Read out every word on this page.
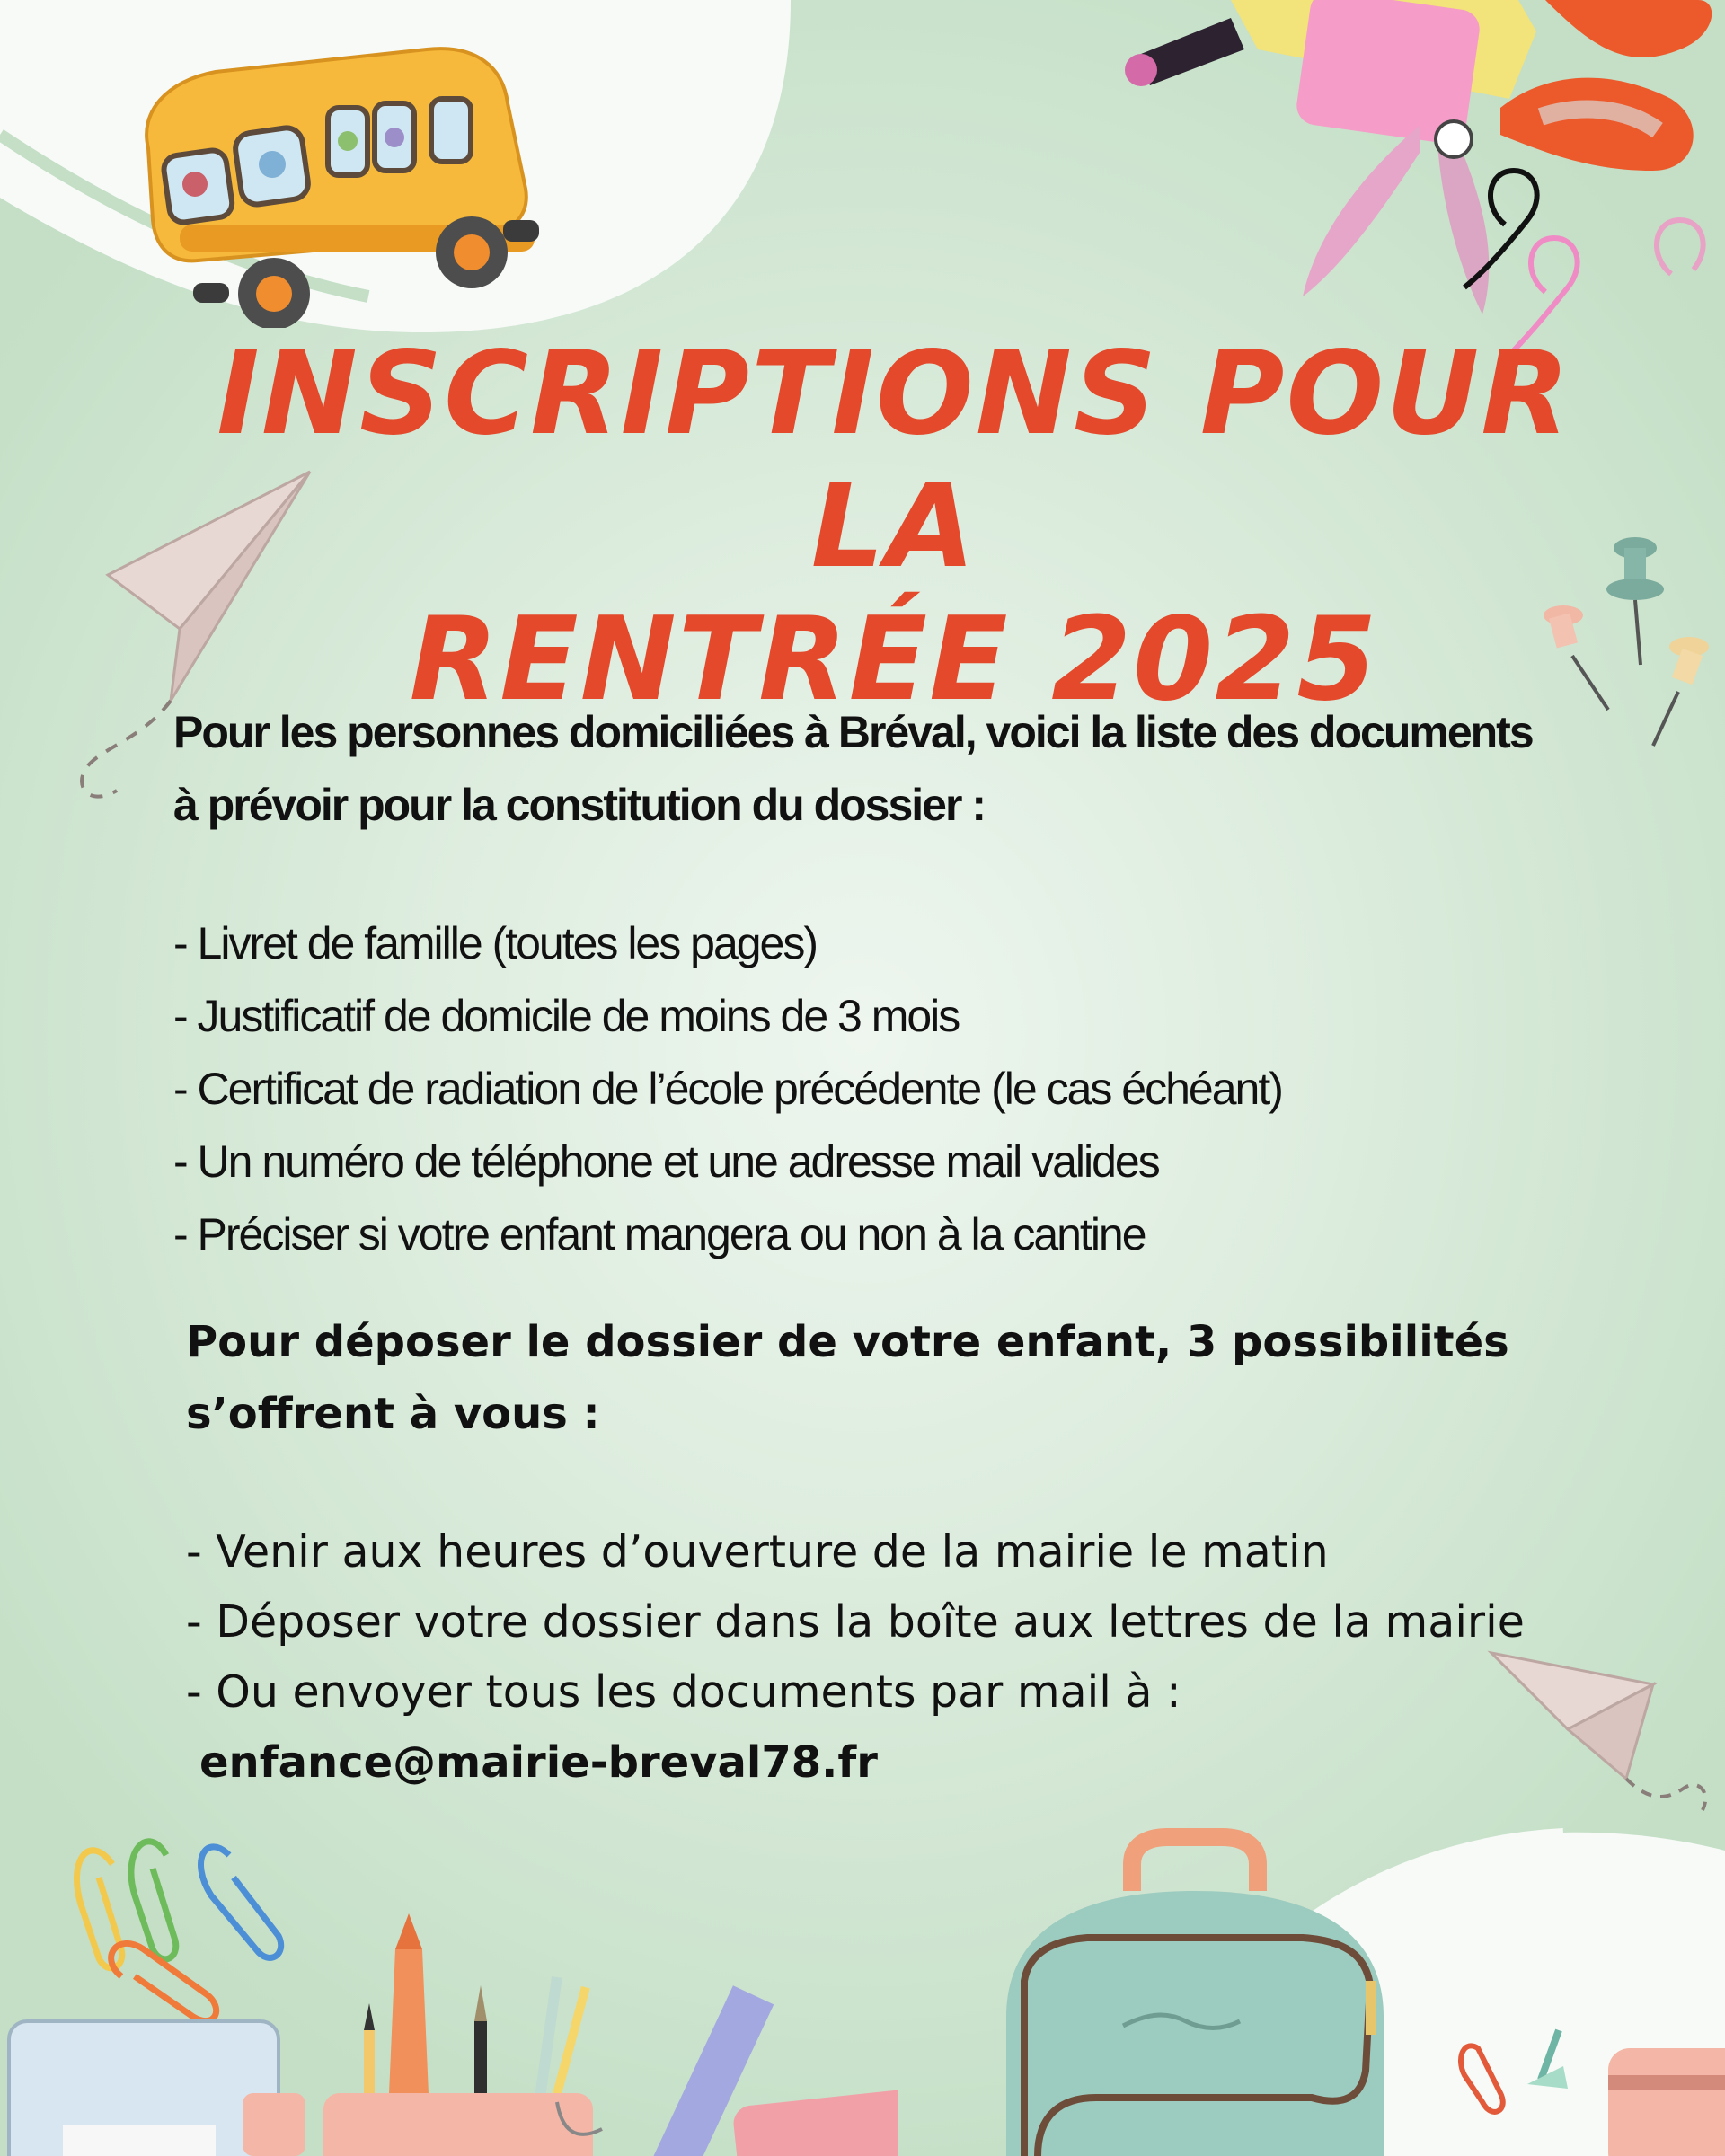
INSCRIPTIONS POUR LA
RENTRÉE 2025

Pour les personnes domiciliées à Bréval, voici la liste des documents à prévoir pour la constitution du dossier :

- Livret de famille (toutes les pages)
- Justificatif de domicile de moins de 3 mois
- Certificat de radiation de l’école précédente (le cas échéant)
- Un numéro de téléphone et une adresse mail valides
- Préciser si votre enfant mangera ou non à la cantine

Pour déposer le dossier de votre enfant, 3 possibilités s’offrent à vous :

- Venir aux heures d’ouverture de la mairie le matin
- Déposer votre dossier dans la boîte aux lettres de la mairie
- Ou envoyer tous les documents par mail à :

enfance@mairie-breval78.fr
